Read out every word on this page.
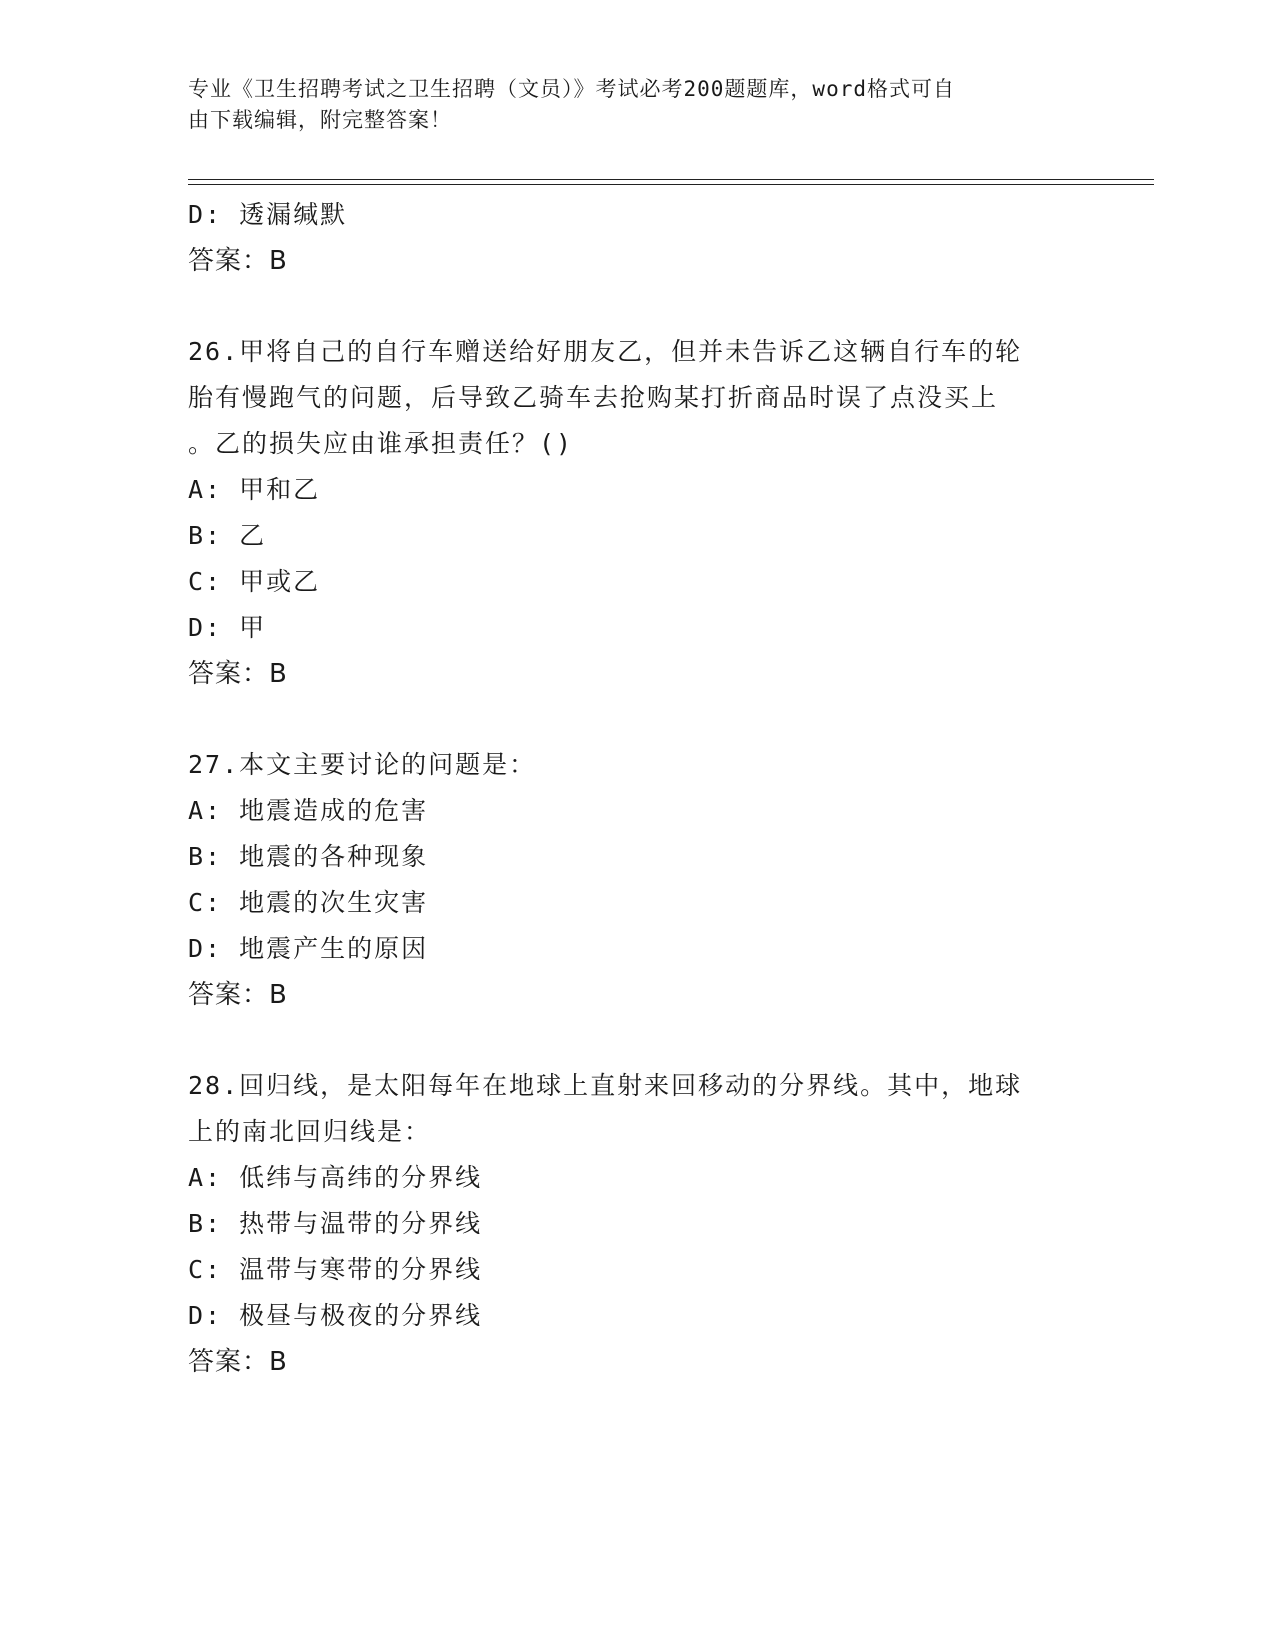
专业《卫生招聘考试之卫生招聘（文员）》考试必考200题题库，word格式可自
由下载编辑，附完整答案！
D: 透漏缄默
答案：B
26.甲将自己的自行车赠送给好朋友乙，但并未告诉乙这辆自行车的轮
胎有慢跑气的问题，后导致乙骑车去抢购某打折商品时误了点没买上
。乙的损失应由谁承担责任？()
A: 甲和乙
B: 乙
C: 甲或乙
D: 甲
答案：B
27.本文主要讨论的问题是：
A: 地震造成的危害
B: 地震的各种现象
C: 地震的次生灾害
D: 地震产生的原因
答案：B
28.回归线，是太阳每年在地球上直射来回移动的分界线。其中，地球
上的南北回归线是：
A: 低纬与高纬的分界线
B: 热带与温带的分界线
C: 温带与寒带的分界线
D: 极昼与极夜的分界线
答案：B
